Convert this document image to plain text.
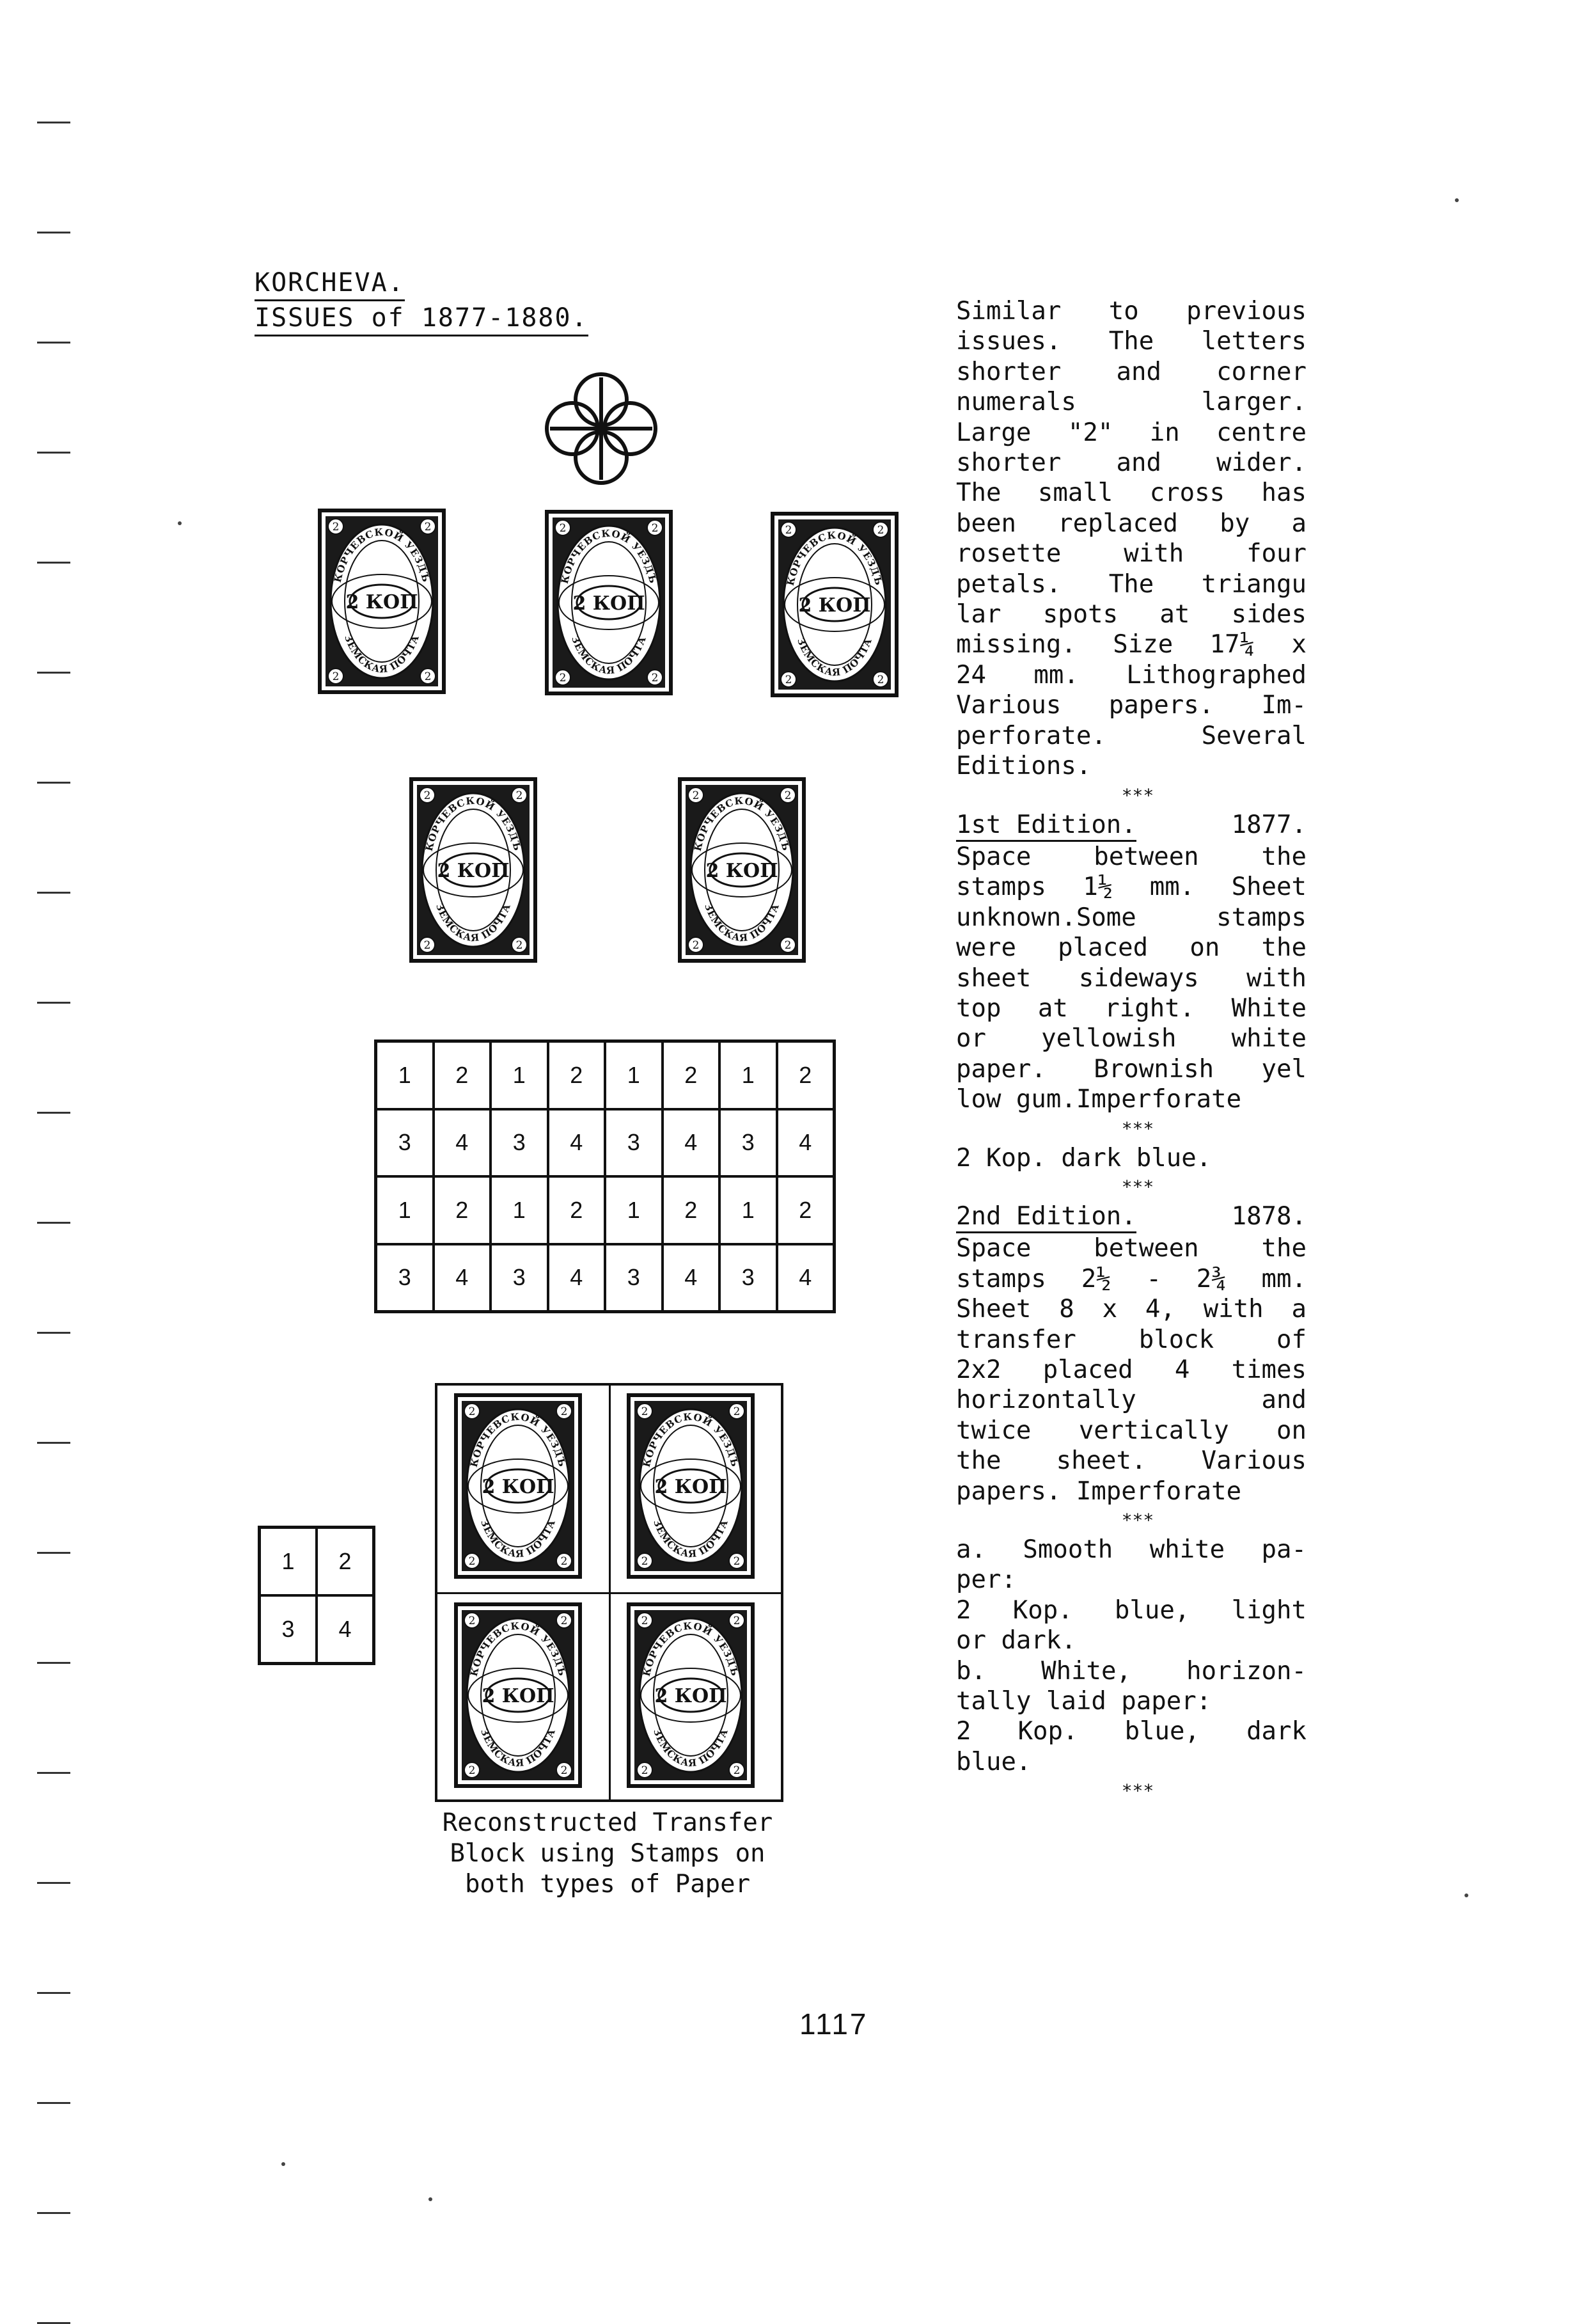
KORCHEVA.
ISSUES of 1877-1880.
2	2
2	2
КОРЧЕВСКОЙ УЕЗДЪ
ЗЕМСКАЯ ПОЧТА
2 КОП
2	2
2	2
КОРЧЕВСКОЙ УЕЗДЪ
ЗЕМСКАЯ ПОЧТА
2 КОП
2	2
2	2
КОРЧЕВСКОЙ УЕЗДЪ
ЗЕМСКАЯ ПОЧТА
2 КОП
2	2
2	2
КОРЧЕВСКОЙ УЕЗДЪ
ЗЕМСКАЯ ПОЧТА
2 КОП
2	2
2	2
КОРЧЕВСКОЙ УЕЗДЪ
ЗЕМСКАЯ ПОЧТА
2 КОП
1	2	1	2	1	2	1	2
3	4	3	4	3	4	3	4
1	2	1	2	1	2	1	2
3	4	3	4	3	4	3	4
1	2
3	4
2	2
2	2
КОРЧЕВСКОЙ УЕЗДЪ
ЗЕМСКАЯ ПОЧТА
2 КОП
2	2
2	2
КОРЧЕВСКОЙ УЕЗДЪ
ЗЕМСКАЯ ПОЧТА
2 КОП
2	2
2	2
КОРЧЕВСКОЙ УЕЗДЪ
ЗЕМСКАЯ ПОЧТА
2 КОП
2	2
2	2
КОРЧЕВСКОЙ УЕЗДЪ
ЗЕМСКАЯ ПОЧТА
2 КОП
Reconstructed Transfer
Block using Stamps on
both types of Paper

Similar to previous

issues. The letters

shorter and corner

numerals larger.

Large "2" in centre

shorter and wider.

The small cross has

been replaced by a

rosette with four

petals. The triangu

lar spots at sides

missing. Size 17¼ x

24 mm. Lithographed

Various papers. Im-

perforate. Several

Editions.

***
1st Edition.	1877.

Space between the

stamps 1½ mm. Sheet

unknown.Some stamps

were placed on the

sheet sideways with

top at right. White

or yellowish white

paper. Brownish yel

low gum.Imperforate

***

2 Kop. dark blue.

***
2nd Edition.	1878.

Space between the

stamps 2½ - 2¾ mm.

Sheet 8 x 4, with a

transfer block of

2x2 placed 4 times

horizontally and

twice vertically on

the sheet. Various

papers. Imperforate

***

a. Smooth white pa-

per:

2 Kop. blue, light

or dark.

b. White, horizon-

tally laid paper:

2 Kop. blue, dark

blue.

***
1117
